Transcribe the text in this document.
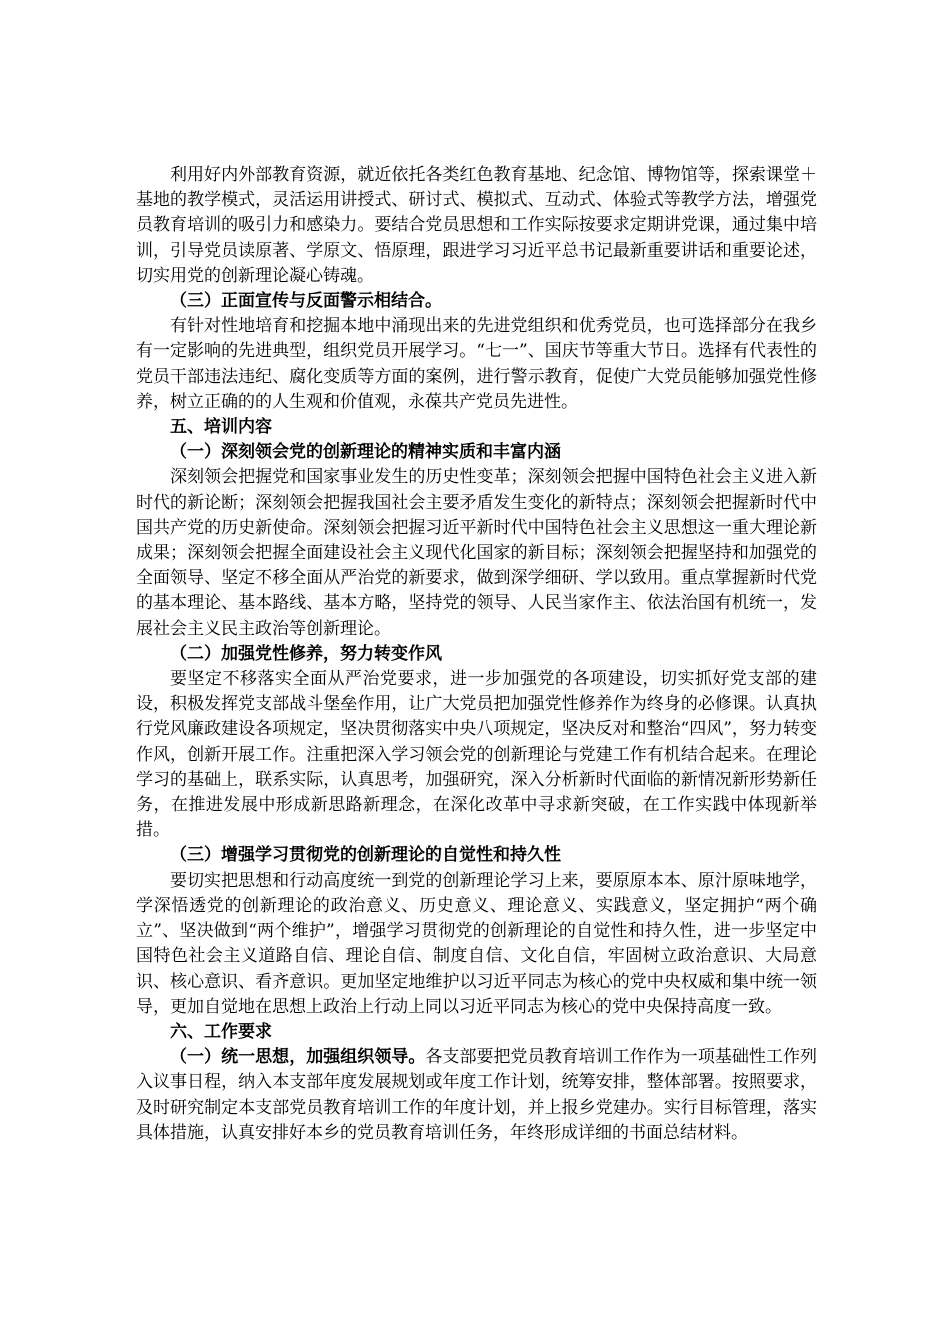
利用好内外部教育资源，就近依托各类红色教育基地、纪念馆、博物馆等，探索课堂＋基地的教学模式，灵活运用讲授式、研讨式、模拟式、互动式、体验式等教学方法，增强党员教育培训的吸引力和感染力。要结合党员思想和工作实际按要求定期讲党课，通过集中培训，引导党员读原著、学原文、悟原理，跟进学习习近平总书记最新重要讲话和重要论述，切实用党的创新理论凝心铸魂。

（三）正面宣传与反面警示相结合。

有针对性地培育和挖掘本地中涌现出来的先进党组织和优秀党员，也可选择部分在我乡有一定影响的先进典型，组织党员开展学习。“七一”、国庆节等重大节日。选择有代表性的党员干部违法违纪、腐化变质等方面的案例，进行警示教育，促使广大党员能够加强党性修养，树立正确的的人生观和价值观，永葆共产党员先进性。

五、培训内容

（一）深刻领会党的创新理论的精神实质和丰富内涵

深刻领会把握党和国家事业发生的历史性变革；深刻领会把握中国特色社会主义进入新时代的新论断；深刻领会把握我国社会主要矛盾发生变化的新特点；深刻领会把握新时代中国共产党的历史新使命。深刻领会把握习近平新时代中国特色社会主义思想这一重大理论新成果；深刻领会把握全面建设社会主义现代化国家的新目标；深刻领会把握坚持和加强党的全面领导、坚定不移全面从严治党的新要求，做到深学细研、学以致用。重点掌握新时代党的基本理论、基本路线、基本方略，坚持党的领导、人民当家作主、依法治国有机统一，发展社会主义民主政治等创新理论。

（二）加强党性修养，努力转变作风

要坚定不移落实全面从严治党要求，进一步加强党的各项建设，切实抓好党支部的建设，积极发挥党支部战斗堡垒作用，让广大党员把加强党性修养作为终身的必修课。认真执行党风廉政建设各项规定，坚决贯彻落实中央八项规定，坚决反对和整治“四风”，努力转变作风，创新开展工作。注重把深入学习领会党的创新理论与党建工作有机结合起来。在理论学习的基础上，联系实际，认真思考，加强研究，深入分析新时代面临的新情况新形势新任务，在推进发展中形成新思路新理念，在深化改革中寻求新突破，在工作实践中体现新举措。

（三）增强学习贯彻党的创新理论的自觉性和持久性

要切实把思想和行动高度统一到党的创新理论学习上来，要原原本本、原汁原味地学，学深悟透党的创新理论的政治意义、历史意义、理论意义、实践意义，坚定拥护“两个确立”、坚决做到“两个维护”，增强学习贯彻党的创新理论的自觉性和持久性，进一步坚定中国特色社会主义道路自信、理论自信、制度自信、文化自信，牢固树立政治意识、大局意识、核心意识、看齐意识。更加坚定地维护以习近平同志为核心的党中央权威和集中统一领导，更加自觉地在思想上政治上行动上同以习近平同志为核心的党中央保持高度一致。

六、工作要求

（一）统一思想，加强组织领导。各支部要把党员教育培训工作作为一项基础性工作列入议事日程，纳入本支部年度发展规划或年度工作计划，统筹安排，整体部署。按照要求，及时研究制定本支部党员教育培训工作的年度计划，并上报乡党建办。实行目标管理，落实具体措施，认真安排好本乡的党员教育培训任务，年终形成详细的书面总结材料。
